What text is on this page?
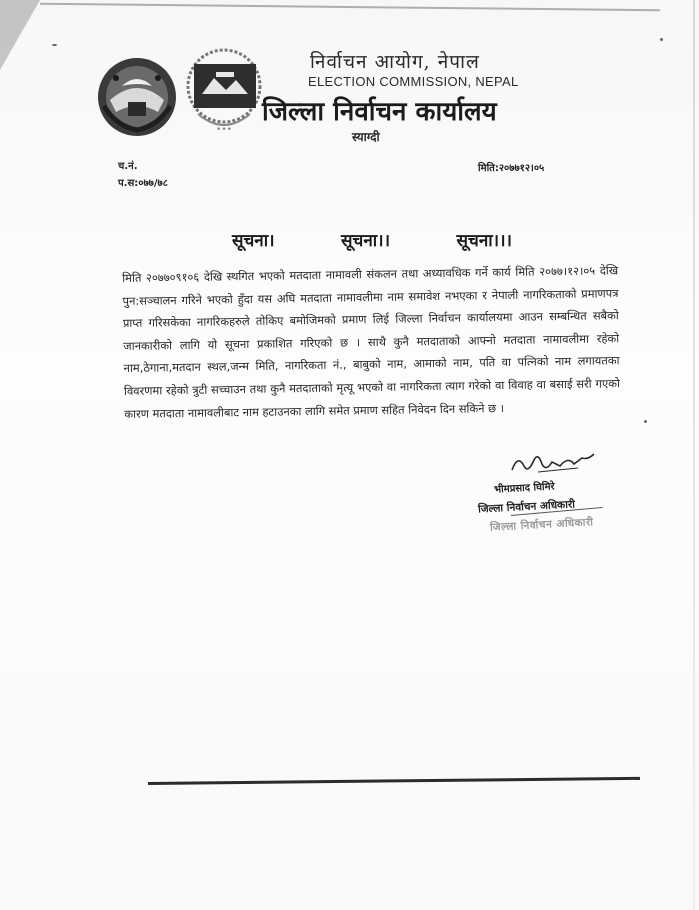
•••
निर्वाचन आयोग, नेपाल
ELECTION COMMISSION, NEPAL
जिल्ला निर्वाचन कार्यालय
स्याग्दी
च.नं.
प.स:०७७/७८
मिति:२०७७१२।०५
सूचना।	सूचना।।	सूचना।।।
मिति २०७७०९१०६ देखि स्थगित भएको मतदाता नामावली संकलन तथा अध्यावधिक गर्ने कार्य मिति २०७७।१२।०५ देखि पुन:सञ्चालन गरिने भएको हुँदा यस अघि मतदाता नामावलीमा नाम समावेश नभएका र नेपाली नागरिकताको प्रमाणपत्र प्राप्त गरिसकेका नागरिकहरुले तोकिए बमोजिमको प्रमाण लिई जिल्ला निर्वाचन कार्यालयमा आउन सम्बन्धित सबैको जानकारीको लागि यो सूचना प्रकाशित गरिएको छ । साथै कुनै मतदाताको आफ्नो मतदाता नामावलीमा रहेको नाम,ठेगाना,मतदान स्थल,जन्म मिति, नागरिकता नं., बाबुको नाम, आमाको नाम, पति वा पत्निको नाम लगायतका विवरणमा रहेको त्रुटी सच्चाउन तथा कुनै मतदाताको मृत्यू भएको वा नागरिकता त्याग गरेको वा विवाह वा बसाई सरी गएको कारण मतदाता नामावलीबाट नाम हटाउनका लागि समेत प्रमाण सहित निवेदन दिन सकिने छ ।
भीमप्रसाद घिमिरे
जिल्ला निर्वाचन अधिकारी
जिल्ला निर्वाचन अधिकारी
